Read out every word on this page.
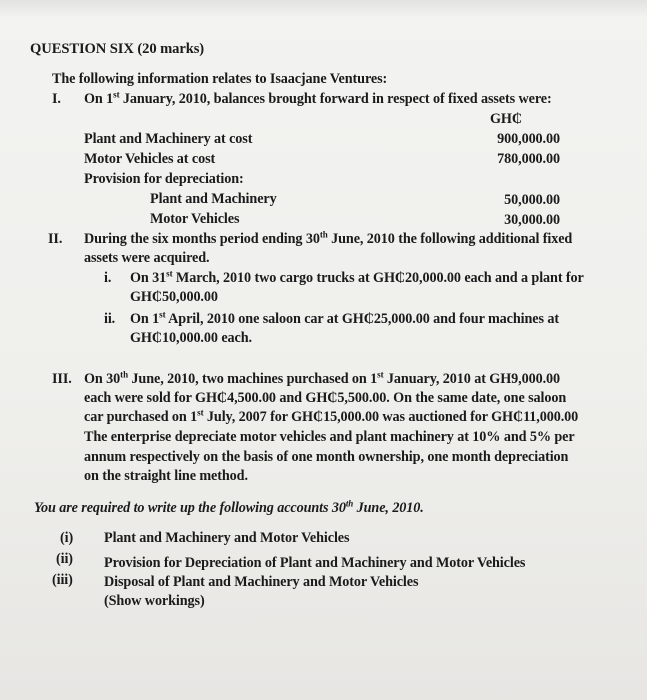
QUESTION SIX (20 marks)
The following information relates to Isaacjane Ventures:
I. On 1st January, 2010, balances brought forward in respect of fixed assets were:
GH₵
Plant and Machinery at cost	900,000.00
Motor Vehicles at cost	780,000.00
Provision for depreciation:
Plant and Machinery	50,000.00
Motor Vehicles	30,000.00
II. During the six months period ending 30th June, 2010 the following additional fixed
assets were acquired.
i. On 31st March, 2010 two cargo trucks at GH₵20,000.00 each and a plant for
GH₵50,000.00
ii. On 1st April, 2010 one saloon car at GH₵25,000.00 and four machines at
GH₵10,000.00 each.
III. On 30th June, 2010, two machines purchased on 1st January, 2010 at GH9,000.00
each were sold for GH₵4,500.00 and GH₵5,500.00. On the same date, one saloon
car purchased on 1st July, 2007 for GH₵15,000.00 was auctioned for GH₵11,000.00
The enterprise depreciate motor vehicles and plant machinery at 10% and 5% per
annum respectively on the basis of one month ownership, one month depreciation
on the straight line method.
You are required to write up the following accounts 30th June, 2010.
(i) Plant and Machinery and Motor Vehicles
(ii) Provision for Depreciation of Plant and Machinery and Motor Vehicles
(iii) Disposal of Plant and Machinery and Motor Vehicles
(Show workings)
